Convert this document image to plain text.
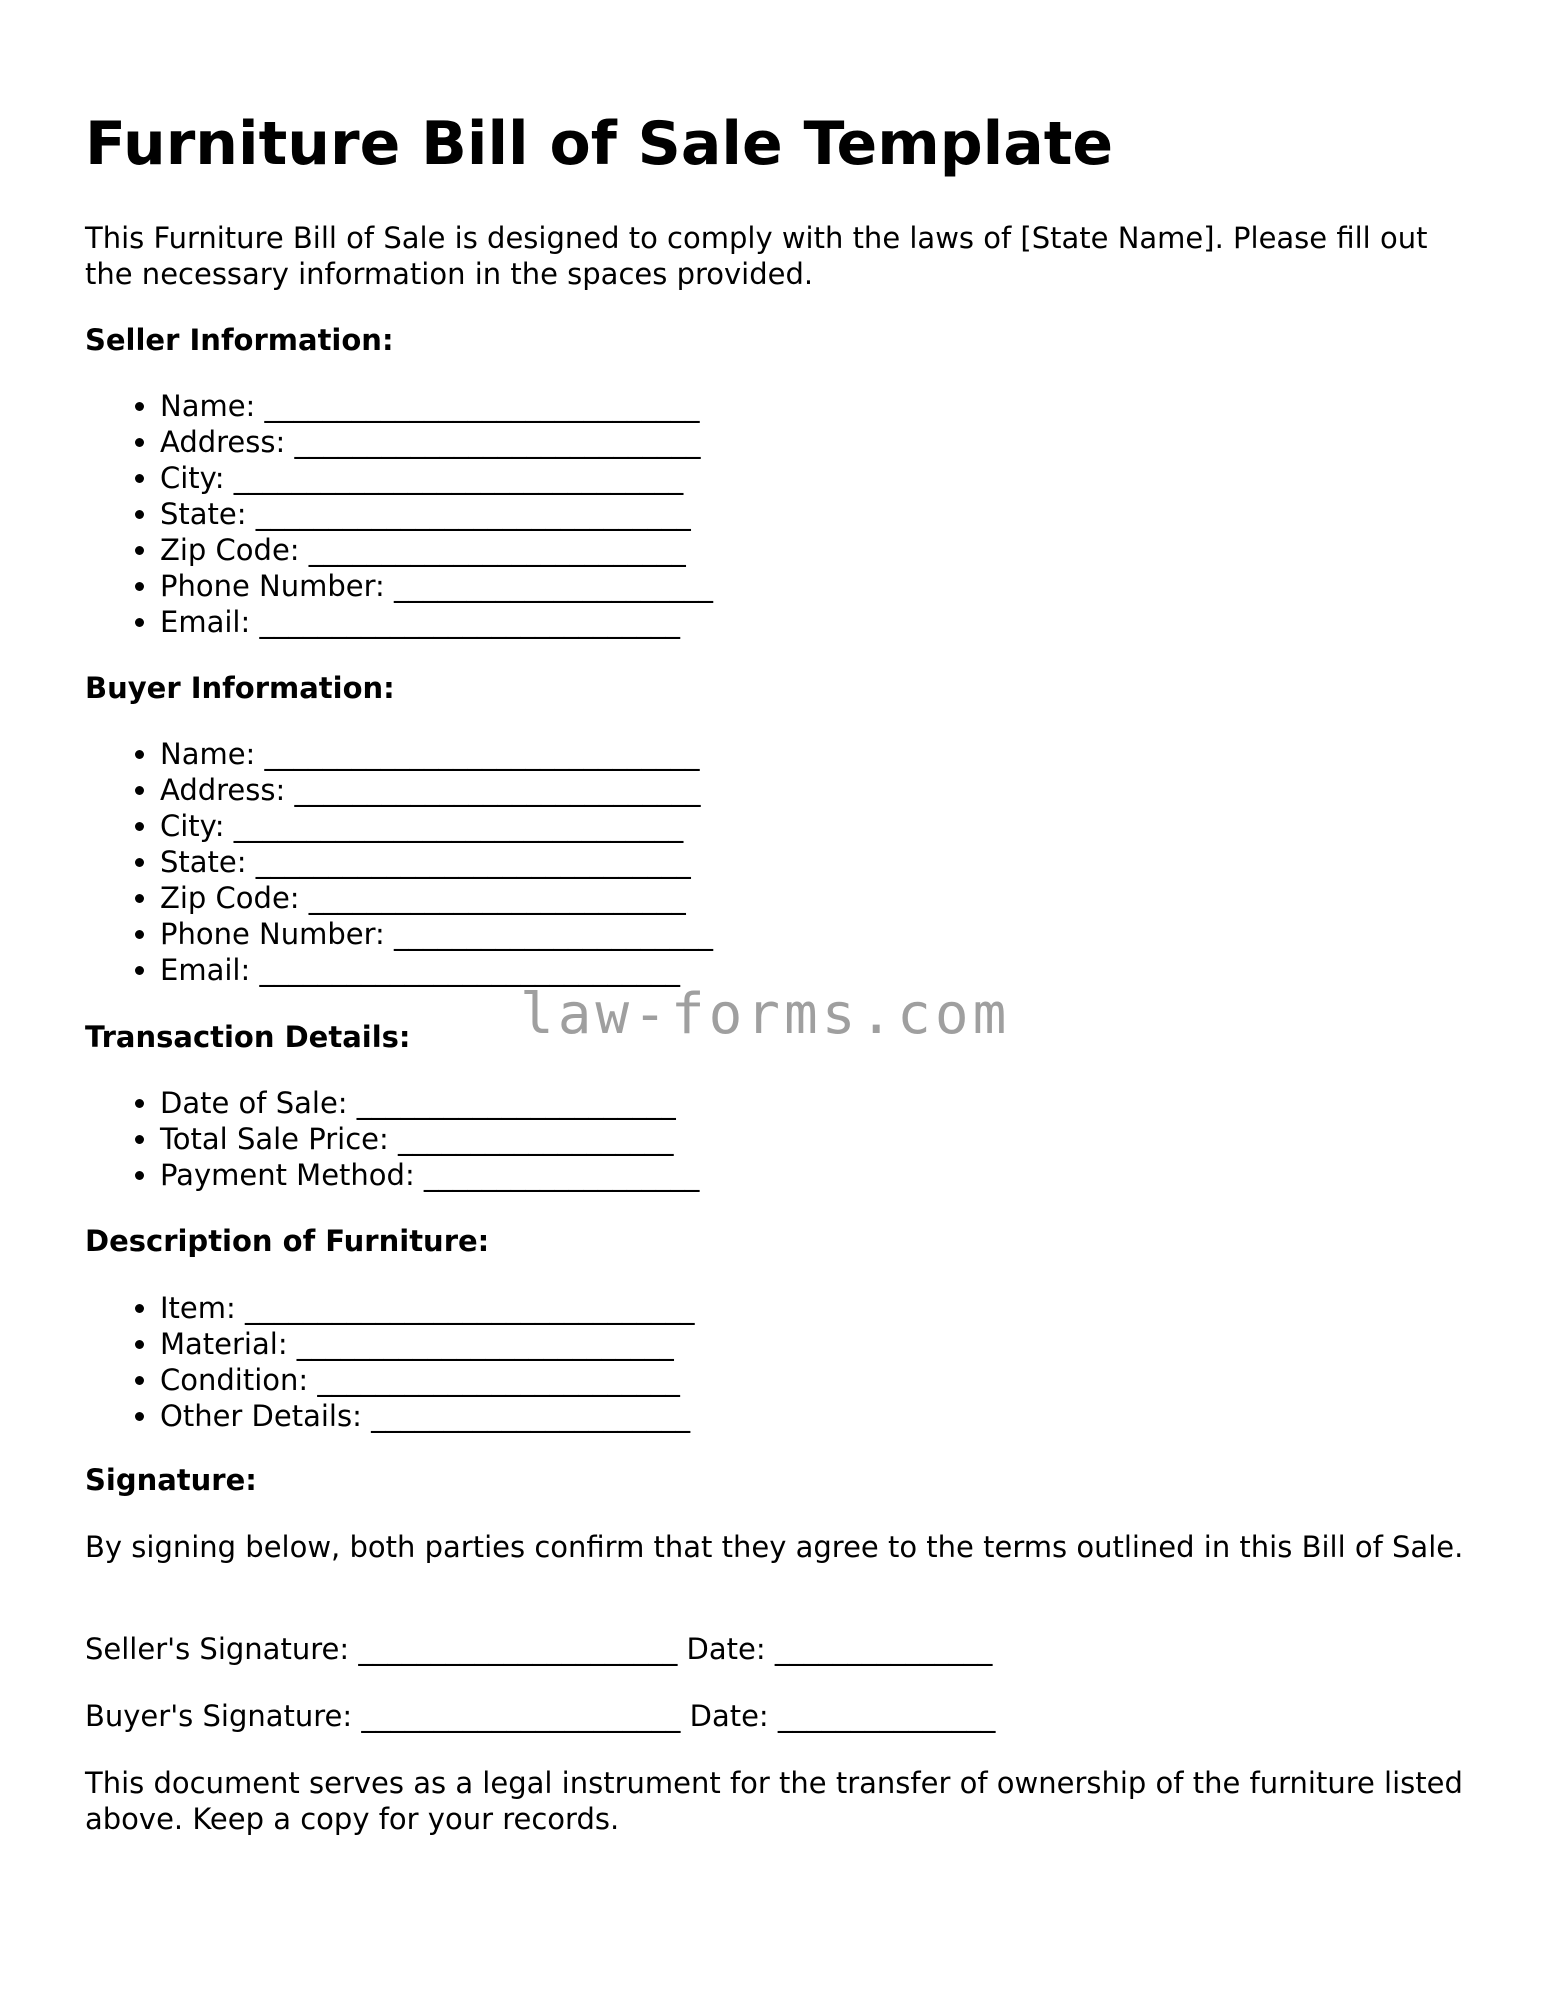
Furniture Bill of Sale Template

This Furniture Bill of Sale is designed to comply with the laws of [State Name]. Please fill out the necessary information in the spaces provided.

Seller Information:
• Name: ______________________________
• Address: ____________________________
• City: _______________________________
• State: ______________________________
• Zip Code: __________________________
• Phone Number: ______________________
• Email: _____________________________
Buyer Information:
• Name: ______________________________
• Address: ____________________________
• City: _______________________________
• State: ______________________________
• Zip Code: __________________________
• Phone Number: ______________________
• Email: _____________________________
Transaction Details:
• Date of Sale: ______________________
• Total Sale Price: ___________________
• Payment Method: ___________________
Description of Furniture:
• Item: _______________________________
• Material: __________________________
• Condition: _________________________
• Other Details: ______________________
Signature:

By signing below, both parties confirm that they agree to the terms outlined in this Bill of Sale.

Seller's Signature: ______________________ Date: _______________

Buyer's Signature: ______________________ Date: _______________

This document serves as a legal instrument for the transfer of ownership of the furniture listed above. Keep a copy for your records.

law-forms.com
